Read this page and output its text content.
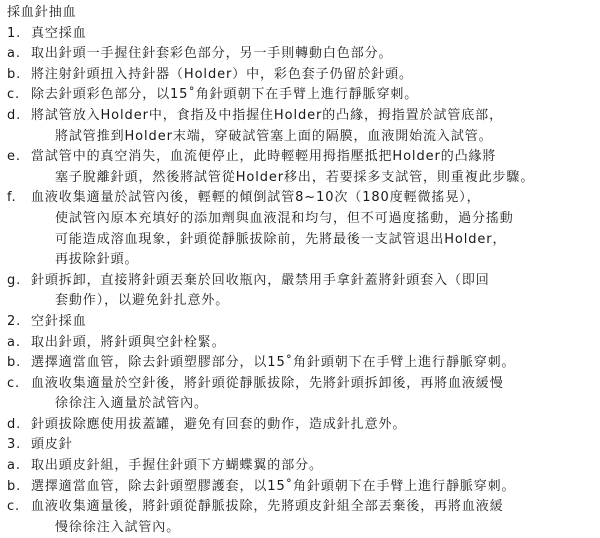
採血針抽血
1. 真空採血
a. 取出針頭一手握住針套彩色部分，另一手則轉動白色部分。
b. 將注射針頭扭入持針器（Holder）中，彩色套子仍留於針頭。
c. 除去針頭彩色部分，以15˚角針頭朝下在手臂上進行靜脈穿刺。
d. 將試管放入Holder中，食指及中指握住Holder的凸緣，拇指置於試管底部，
將試管推到Holder末端，穿破試管塞上面的隔膜，血液開始流入試管。
e. 當試管中的真空消失，血流便停止，此時輕輕用拇指壓抵把Holder的凸緣將
塞子脫離針頭，然後將試管從Holder移出，若要採多支試管，則重複此步驟。
f.	血液收集適量於試管內後，輕輕的傾倒試管8~10次（180度輕微搖晃），
使試管內原本充填好的添加劑與血液混和均勻，但不可過度搖動，過分搖動
可能造成溶血現象，針頭從靜脈拔除前，先將最後一支試管退出Holder，
再拔除針頭。
g. 針頭拆卸，直接將針頭丟棄於回收瓶內，嚴禁用手拿針蓋將針頭套入（即回
套動作），以避免針扎意外。
2. 空針採血
a. 取出針頭，將針頭與空針栓緊。
b. 選擇適當血管，除去針頭塑膠部分，以15˚角針頭朝下在手臂上進行靜脈穿刺。
c. 血液收集適量於空針後，將針頭從靜脈拔除，先將針頭拆卸後，再將血液緩慢
徐徐注入適量於試管內。
d. 針頭拔除應使用拔蓋罐，避免有回套的動作，造成針扎意外。
3. 頭皮針
a. 取出頭皮針組，手握住針頭下方蝴蝶翼的部分。
b. 選擇適當血管，除去針頭塑膠護套，以15˚角針頭朝下在手臂上進行靜脈穿刺。
c. 血液收集適量後，將針頭從靜脈拔除，先將頭皮針組全部丟棄後，再將血液緩
慢徐徐注入試管內。
